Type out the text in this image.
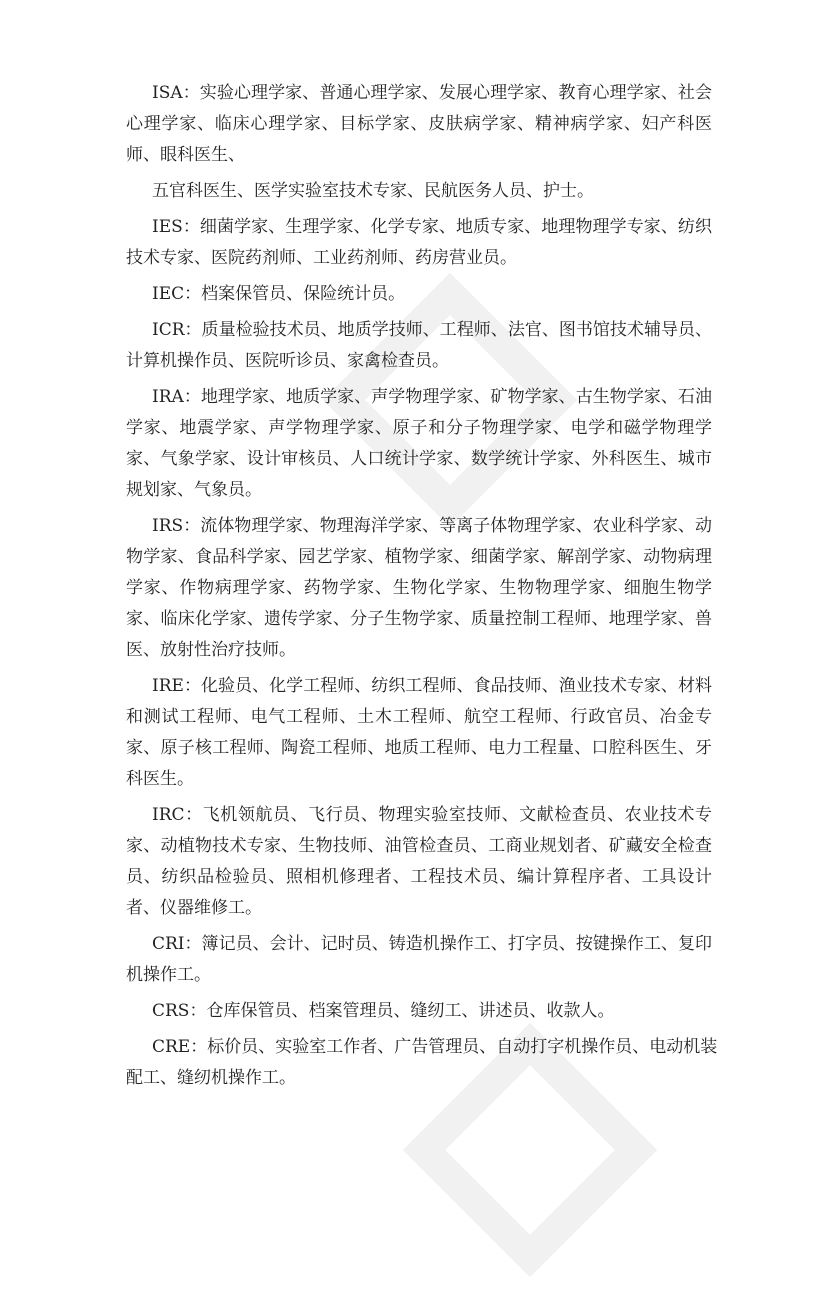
ISA：实验心理学家、普通心理学家、发展心理学家、教育心理学家、社会
心理学家、临床心理学家、目标学家、皮肤病学家、精神病学家、妇产科医
师、眼科医生、

五官科医生、医学实验室技术专家、民航医务人员、护士。

IES：细菌学家、生理学家、化学专家、地质专家、地理物理学专家、纺织
技术专家、医院药剂师、工业药剂师、药房营业员。

IEC：档案保管员、保险统计员。

ICR：质量检验技术员、地质学技师、工程师、法官、图书馆技术辅导员、
计算机操作员、医院听诊员、家禽检查员。

IRA：地理学家、地质学家、声学物理学家、矿物学家、古生物学家、石油
学家、地震学家、声学物理学家、原子和分子物理学家、电学和磁学物理学
家、气象学家、设计审核员、人口统计学家、数学统计学家、外科医生、城市
规划家、气象员。

IRS：流体物理学家、物理海洋学家、等离子体物理学家、农业科学家、动
物学家、食品科学家、园艺学家、植物学家、细菌学家、解剖学家、动物病理
学家、作物病理学家、药物学家、生物化学家、生物物理学家、细胞生物学
家、临床化学家、遗传学家、分子生物学家、质量控制工程师、地理学家、兽
医、放射性治疗技师。

IRE：化验员、化学工程师、纺织工程师、食品技师、渔业技术专家、材料
和测试工程师、电气工程师、土木工程师、航空工程师、行政官员、冶金专
家、原子核工程师、陶瓷工程师、地质工程师、电力工程量、口腔科医生、牙
科医生。

IRC：飞机领航员、飞行员、物理实验室技师、文献检查员、农业技术专
家、动植物技术专家、生物技师、油管检查员、工商业规划者、矿藏安全检查
员、纺织品检验员、照相机修理者、工程技术员、编计算程序者、工具设计
者、仪器维修工。

CRI：簿记员、会计、记时员、铸造机操作工、打字员、按键操作工、复印
机操作工。

CRS：仓库保管员、档案管理员、缝纫工、讲述员、收款人。

CRE：标价员、实验室工作者、广告管理员、自动打字机操作员、电动机装
配工、缝纫机操作工。
